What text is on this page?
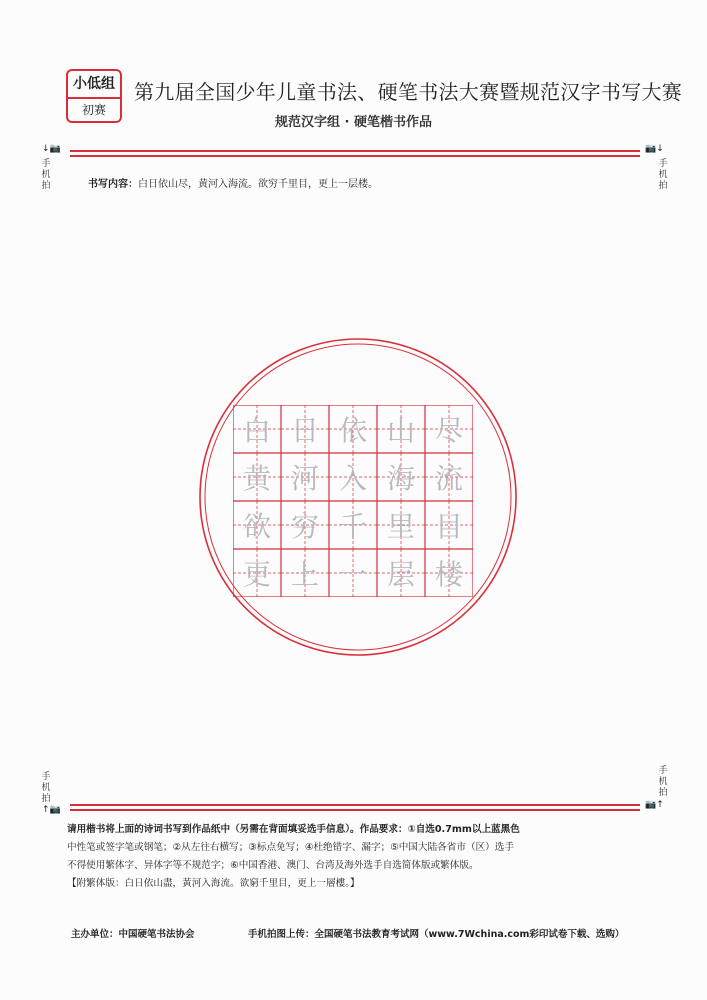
小低组
初赛
第九届全国少年儿童书法、硬笔书法大赛暨规范汉字书写大赛
规范汉字组 · 硬笔楷书作品
↓📷	📷↓
手
机
拍
手
机
拍
书写内容：白日依山尽，黄河入海流。欲穷千里目，更上一层楼。
白 日 依 山 尽
黄 河 入 海 流
欲 穷 千 里 目
更 上 一 层 楼
手
机
拍
手
机
拍
↑📷	📷↑
请用楷书将上面的诗词书写到作品纸中（另需在背面填妥选手信息）。作品要求：①自选0.7mm以上蓝黑色
中性笔或签字笔或钢笔；②从左往右横写；③标点免写；④杜绝错字、漏字；⑤中国大陆各省市（区）选手
不得使用繁体字、异体字等不规范字；⑥中国香港、澳门、台湾及海外选手自选简体版或繁体版。
【附繁体版：白日依山盡，黃河入海流。欲窮千里目，更上一層樓。】
主办单位：中国硬笔书法协会	手机拍图上传：全国硬笔书法教育考试网（www.7Wchina.com彩印试卷下载、选购）
